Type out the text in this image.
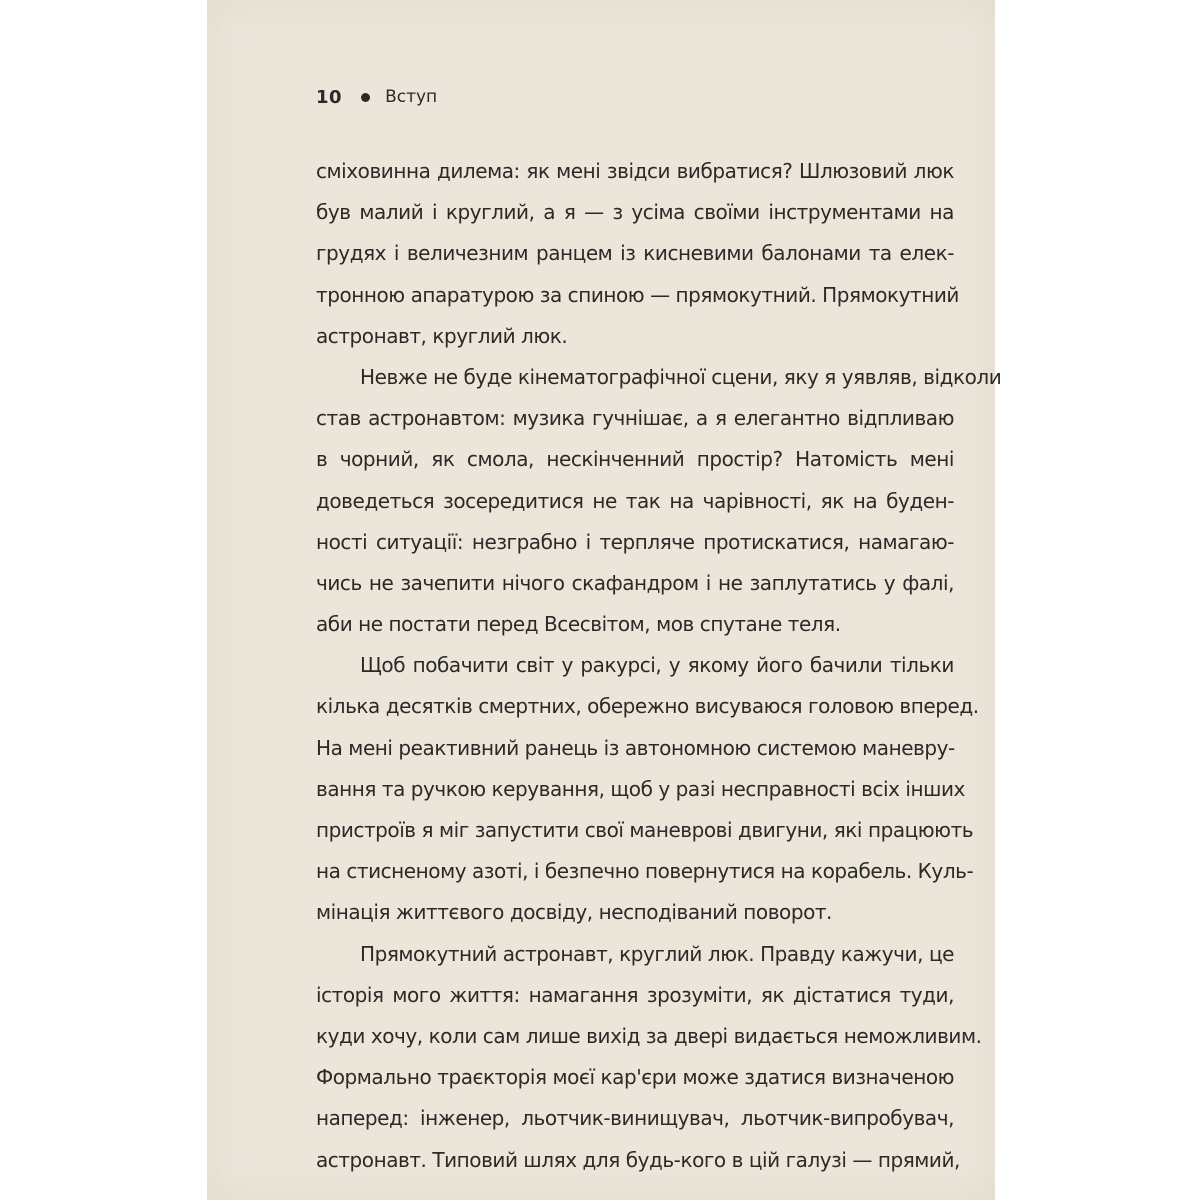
10	Вступ
сміховинна дилема: як мені звідси вибратися? Шлюзовий люк
був малий і круглий, а я — з усіма своїми інструментами на
грудях і величезним ранцем із кисневими балонами та елек-
тронною апаратурою за спиною — прямокутний. Прямокутний
астронавт, круглий люк.
Невже не буде кінематографічної сцени, яку я уявляв, відколи
став астронавтом: музика гучнішає, а я елегантно відпливаю
в чорний, як смола, нескінченний простір? Натомість мені
доведеться зосередитися не так на чарівності, як на буден-
ності ситуації: незграбно і терпляче протискатися, намагаю-
чись не зачепити нічого скафандром і не заплутатись у фалі,
аби не постати перед Всесвітом, мов спутане теля.
Щоб побачити світ у ракурсі, у якому його бачили тільки
кілька десятків смертних, обережно висуваюся головою вперед.
На мені реактивний ранець із автономною системою маневру-
вання та ручкою керування, щоб у разі несправності всіх інших
пристроїв я міг запустити свої маневрові двигуни, які працюють
на стисненому азоті, і безпечно повернутися на корабель. Куль-
мінація життєвого досвіду, несподіваний поворот.
Прямокутний астронавт, круглий люк. Правду кажучи, це
історія мого життя: намагання зрозуміти, як дістатися туди,
куди хочу, коли сам лише вихід за двері видається неможливим.
Формально траєкторія моєї кар'єри може здатися визначеною
наперед: інженер, льотчик-винищувач, льотчик-випробувач,
астронавт. Типовий шлях для будь-кого в цій галузі — прямий,
